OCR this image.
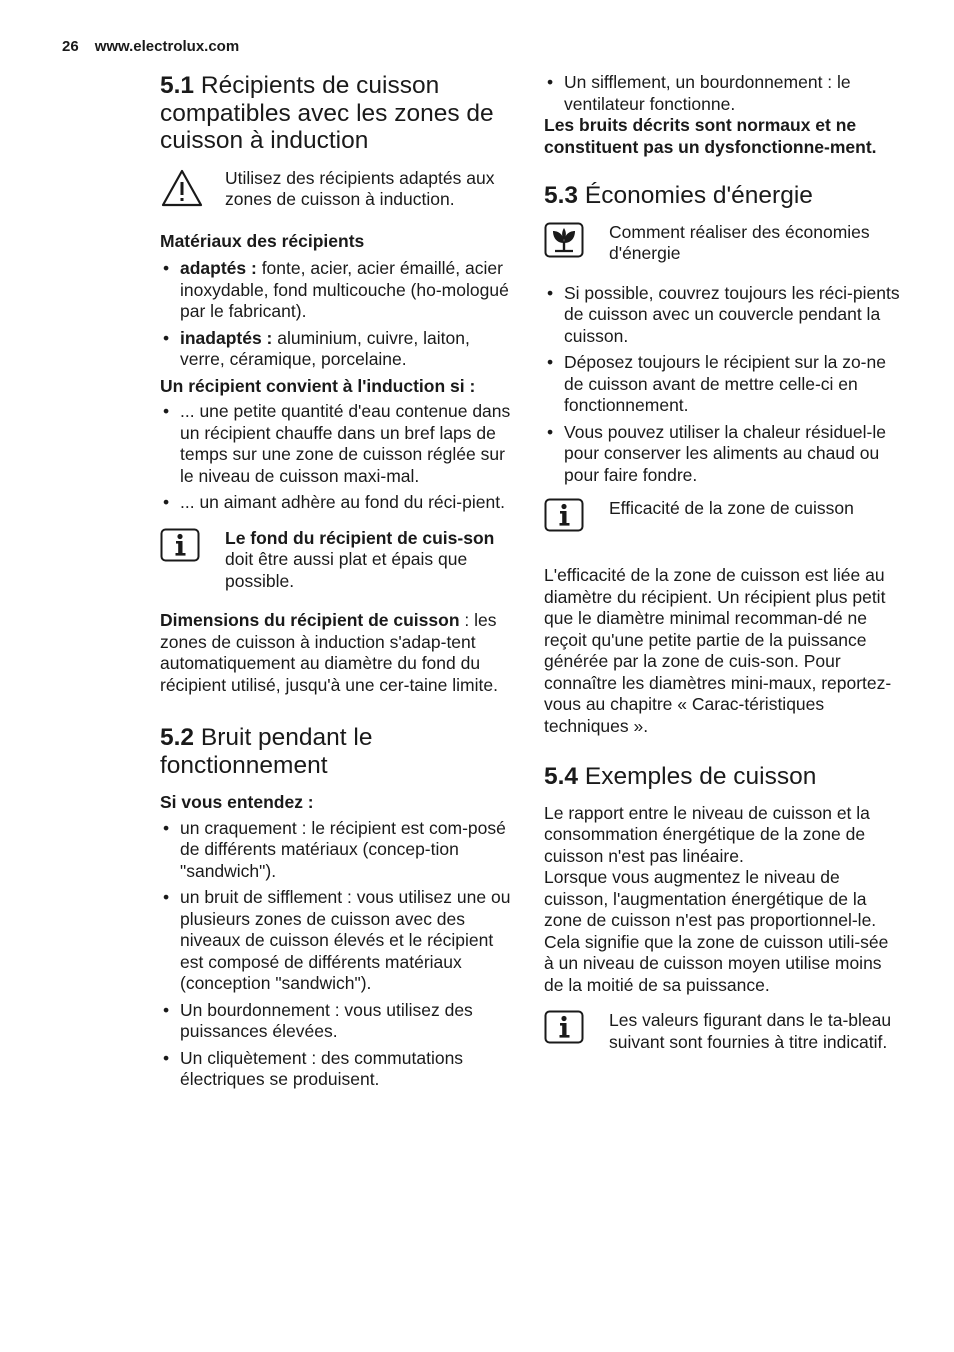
26 www.electrolux.com
5.1 Récipients de cuisson compatibles avec les zones de cuisson à induction
Utilisez des récipients adaptés aux zones de cuisson à induction.
Matériaux des récipients
• adaptés : fonte, acier, acier émaillé, acier inoxydable, fond multicouche (ho-mologué par le fabricant).
• inadaptés : aluminium, cuivre, laiton, verre, céramique, porcelaine.
Un récipient convient à l'induction si :
• ... une petite quantité d'eau contenue dans un récipient chauffe dans un bref laps de temps sur une zone de cuisson réglée sur le niveau de cuisson maxi-mal.
• ... un aimant adhère au fond du réci-pient.
Le fond du récipient de cuis-son doit être aussi plat et épais que possible.

Dimensions du récipient de cuisson : les zones de cuisson à induction s'adap-tent automatiquement au diamètre du fond du récipient utilisé, jusqu'à une cer-taine limite.

5.2 Bruit pendant le fonctionnement
Si vous entendez :
• un craquement : le récipient est com-posé de différents matériaux (concep-tion "sandwich").
• un bruit de sifflement : vous utilisez une ou plusieurs zones de cuisson avec des niveaux de cuisson élevés et le récipient est composé de différents matériaux (conception "sandwich").
• Un bourdonnement : vous utilisez des puissances élevées.
• Un cliquètement : des commutations électriques se produisent.
• Un sifflement, un bourdonnement : le ventilateur fonctionne.

Les bruits décrits sont normaux et ne constituent pas un dysfonctionne-ment.

5.3 Économies d'énergie
Comment réaliser des économies d'énergie
• Si possible, couvrez toujours les réci-pients de cuisson avec un couvercle pendant la cuisson.
• Déposez toujours le récipient sur la zo-ne de cuisson avant de mettre celle-ci en fonctionnement.
• Vous pouvez utiliser la chaleur résiduel-le pour conserver les aliments au chaud ou pour faire fondre.
Efficacité de la zone de cuisson

L'efficacité de la zone de cuisson est liée au diamètre du récipient. Un récipient plus petit que le diamètre minimal recomman-dé ne reçoit qu'une petite partie de la puissance générée par la zone de cuis-son. Pour connaître les diamètres mini-maux, reportez-vous au chapitre « Carac-téristiques techniques ».

5.4 Exemples de cuisson

Le rapport entre le niveau de cuisson et la consommation énergétique de la zone de cuisson n'est pas linéaire.

Lorsque vous augmentez le niveau de cuisson, l'augmentation énergétique de la zone de cuisson n'est pas proportionnel-le.

Cela signifie que la zone de cuisson utili-sée à un niveau de cuisson moyen utilise moins de la moitié de sa puissance.

Les valeurs figurant dans le ta-bleau suivant sont fournies à titre indicatif.
